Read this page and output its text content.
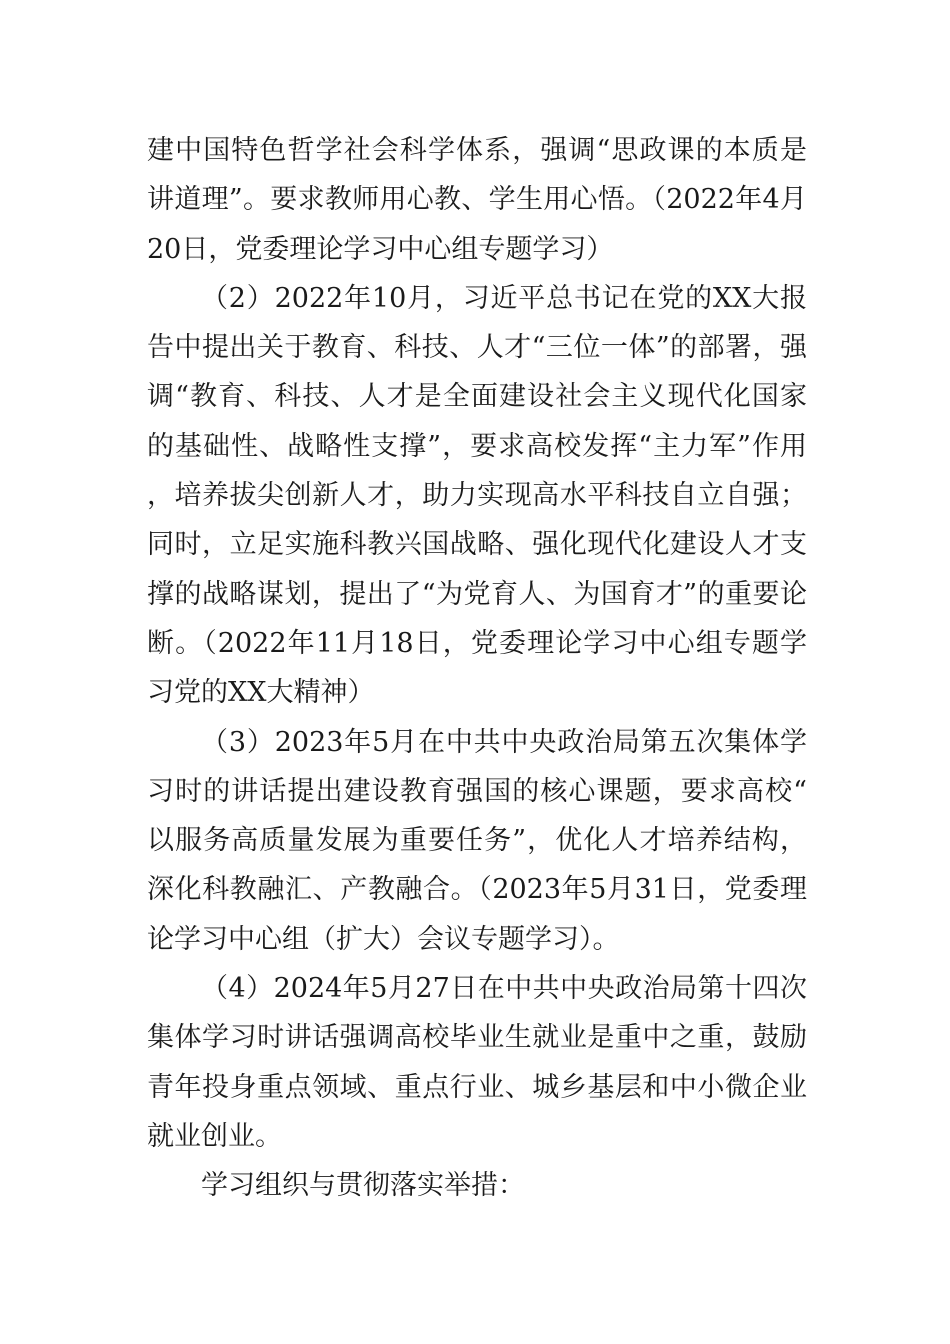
建中国特色哲学社会科学体系，强调“思政课的本质是讲道理”。要求教师用心教、学生用心悟。（2022年4月20日，党委理论学习中心组专题学习）

（2）2022年10月，习近平总书记在党的XX大报告中提出关于教育、科技、人才“三位一体”的部署，强调“教育、科技、人才是全面建设社会主义现代化国家的基础性、战略性支撑”，要求高校发挥“主力军”作用，培养拔尖创新人才，助力实现高水平科技自立自强；同时，立足实施科教兴国战略、强化现代化建设人才支撑的战略谋划，提出了“为党育人、为国育才”的重要论断。（2022年11月18日，党委理论学习中心组专题学习党的XX大精神）

（3）2023年5月在中共中央政治局第五次集体学习时的讲话提出建设教育强国的核心课题，要求高校“以服务高质量发展为重要任务”，优化人才培养结构，深化科教融汇、产教融合。（2023年5月31日，党委理论学习中心组（扩大）会议专题学习）。

（4）2024年5月27日在中共中央政治局第十四次集体学习时讲话强调高校毕业生就业是重中之重，鼓励青年投身重点领域、重点行业、城乡基层和中小微企业就业创业。

学习组织与贯彻落实举措：
